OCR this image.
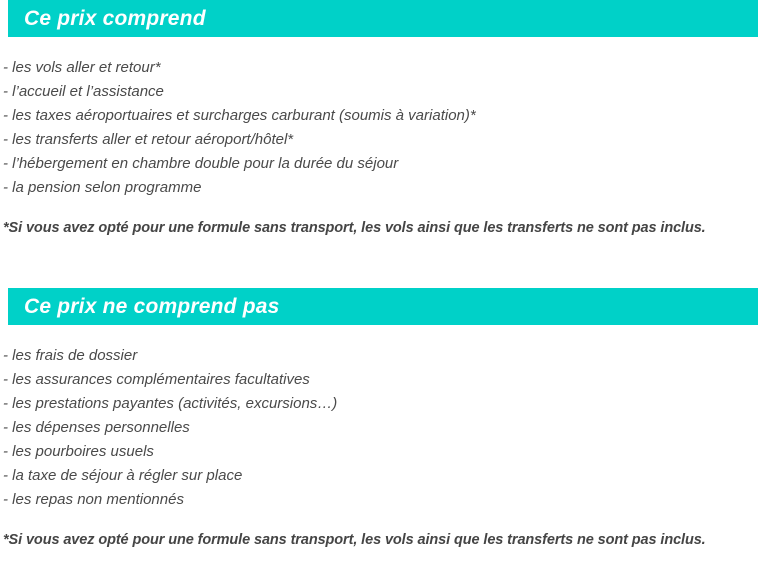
Ce prix comprend

- les vols aller et retour*

- l’accueil et l’assistance

- les taxes aéroportuaires et surcharges carburant (soumis à variation)*

- les transferts aller et retour aéroport/hôtel*

- l’hébergement en chambre double pour la durée du séjour

- la pension selon programme

*Si vous avez opté pour une formule sans transport, les vols ainsi que les transferts ne sont pas inclus.

Ce prix ne comprend pas

- les frais de dossier

- les assurances complémentaires facultatives

- les prestations payantes (activités, excursions…)

- les dépenses personnelles

- les pourboires usuels

- la taxe de séjour à régler sur place

- les repas non mentionnés

*Si vous avez opté pour une formule sans transport, les vols ainsi que les transferts ne sont pas inclus.
